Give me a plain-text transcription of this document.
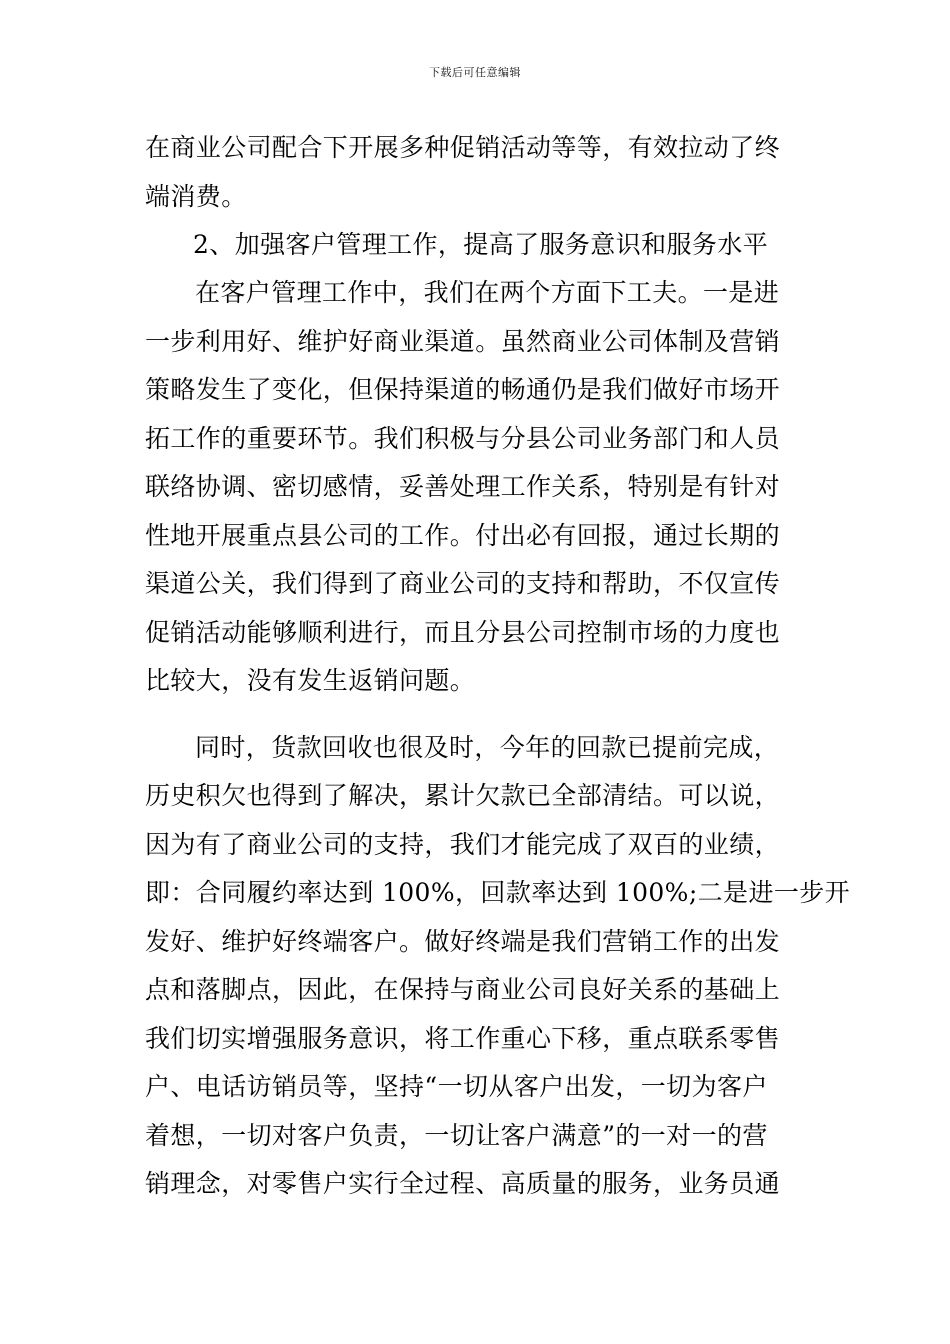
下载后可任意编辑
在商业公司配合下开展多种促销活动等等，有效拉动了终
端消费。
2、加强客户管理工作，提高了服务意识和服务水平
在客户管理工作中，我们在两个方面下工夫。一是进
一步利用好、维护好商业渠道。虽然商业公司体制及营销
策略发生了变化，但保持渠道的畅通仍是我们做好市场开
拓工作的重要环节。我们积极与分县公司业务部门和人员
联络协调、密切感情，妥善处理工作关系，特别是有针对
性地开展重点县公司的工作。付出必有回报，通过长期的
渠道公关，我们得到了商业公司的支持和帮助，不仅宣传
促销活动能够顺利进行，而且分县公司控制市场的力度也
比较大，没有发生返销问题。
同时，货款回收也很及时，今年的回款已提前完成，
历史积欠也得到了解决，累计欠款已全部清结。可以说，
因为有了商业公司的支持，我们才能完成了双百的业绩，
即：合同履约率达到 100%，回款率达到 100%;二是进一步开
发好、维护好终端客户。做好终端是我们营销工作的出发
点和落脚点，因此，在保持与商业公司良好关系的基础上
我们切实增强服务意识，将工作重心下移，重点联系零售
户、电话访销员等，坚持“一切从客户出发，一切为客户
着想，一切对客户负责，一切让客户满意”的一对一的营
销理念，对零售户实行全过程、高质量的服务，业务员通
